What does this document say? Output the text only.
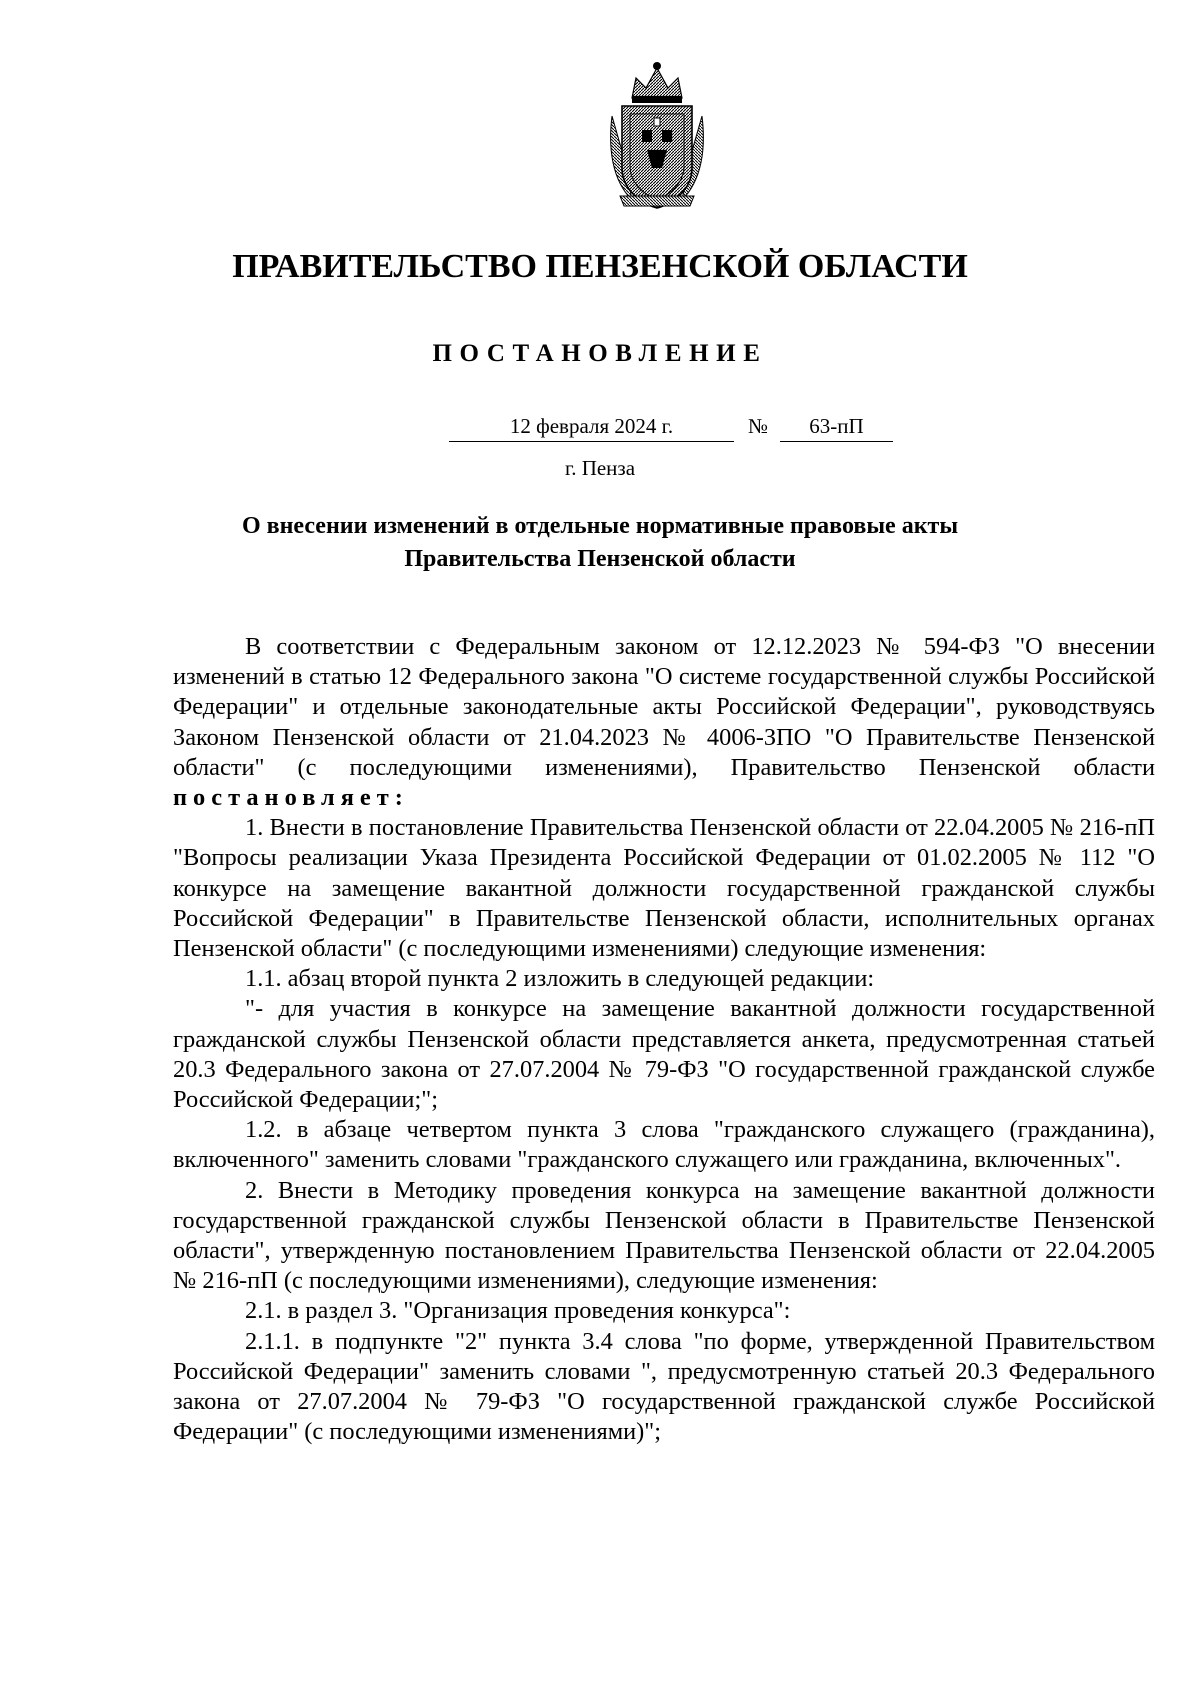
ПРАВИТЕЛЬСТВО ПЕНЗЕНСКОЙ ОБЛАСТИ
ПОСТАНОВЛЕНИЕ
12 февраля 2024 г.	№	63-пП

г. Пенза

О внесении изменений в отдельные нормативные правовые акты
Правительства Пензенской области

В соответствии с Федеральным законом от 12.12.2023 № 594-ФЗ "О внесении изменений в статью 12 Федерального закона "О системе государственной службы Российской Федерации" и отдельные законодательные акты Российской Федерации", руководствуясь Законом Пензенской области от 21.04.2023 № 4006-ЗПО "О Правительстве Пензенской области" (с последующими изменениями), Правительство Пензенской области постановляет:

1. Внести в постановление Правительства Пензенской области от 22.04.2005 № 216-пП "Вопросы реализации Указа Президента Российской Федерации от 01.02.2005 № 112 "О конкурсе на замещение вакантной должности государственной гражданской службы Российской Федерации" в Правительстве Пензенской области, исполнительных органах Пензенской области" (с последующими изменениями) следующие изменения:

1.1. абзац второй пункта 2 изложить в следующей редакции:

"- для участия в конкурсе на замещение вакантной должности государственной гражданской службы Пензенской области представляется анкета, предусмотренная статьей 20.3 Федерального закона от 27.07.2004 № 79-ФЗ "О государственной гражданской службе Российской Федерации;";

1.2. в абзаце четвертом пункта 3 слова "гражданского служащего (гражданина), включенного" заменить словами "гражданского служащего или гражданина, включенных".

2. Внести в Методику проведения конкурса на замещение вакантной должности государственной гражданской службы Пензенской области в Правительстве Пензенской области", утвержденную постановлением Правительства Пензенской области от 22.04.2005 № 216-пП (с последующими изменениями), следующие изменения:

2.1. в раздел 3. "Организация проведения конкурса":

2.1.1. в подпункте "2" пункта 3.4 слова "по форме, утвержденной Правительством Российской Федерации" заменить словами ", предусмотренную статьей 20.3 Федерального закона от 27.07.2004 № 79-ФЗ "О государственной гражданской службе Российской Федерации" (с последующими изменениями)";
